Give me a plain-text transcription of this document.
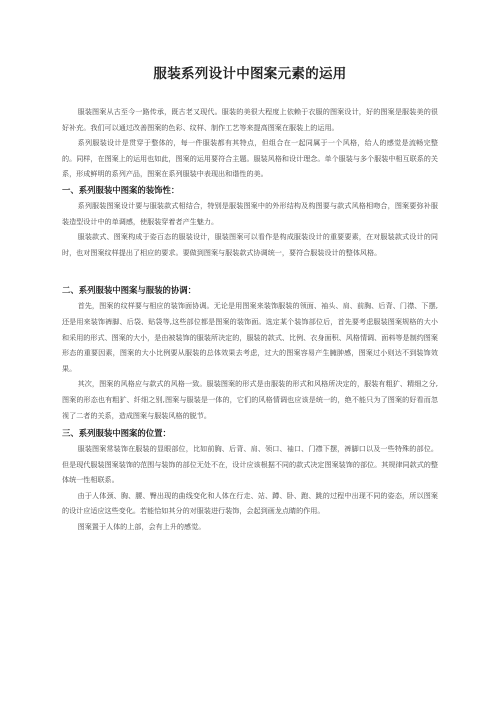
服装系列设计中图案元素的运用

服装图案从古至今一路传承，既古老又现代。服装的美很大程度上依赖于衣服的图案设计，好的图案是服装美的很好补充。我们可以通过改善图案的色彩、纹样、制作工艺等来提高图案在服装上的运用。

系列服装设计是贯穿于整体的，每一件服装都有其特点，但组合在一起同属于一个风格，给人的感觉是流畅完整的。同样，在图案上的运用也如此，图案的运用要符合主题。服装风格和设计理念。单个服装与多个服装中相互联系的关系，形成鲜明的系列产品，图案在系列服装中表现出和谐性的美。

一、系列服装中图案的装饰性：

系列服装图案设计要与服装款式相结合，特别是服装图案中的外形结构及构图要与款式风格相吻合，图案要弥补服装造型设计中的单调感，使服装穿着者产生魅力。

服装款式、图案构成于姿百态的服装设计，服装图案可以看作是构成服装设计的重要要素，在对服装款式设计的同时，也对图案纹样提出了相应的要求。要做到图案与服装款式协调统一，要符合服装设计的整体风格。

二、系列服装中图案与服装的协调：

首先，图案的纹样要与相应的装饰面协调。无论是用图案来装饰服装的领面、袖头、肩、前胸、后背、门襟、下摆,还是用来装饰裤脚、后袋、贴袋等,这些部位都是图案的装饰面。选定某个装饰部位后，首先要考虑服装图案规格的大小和采用的形式、图案的大小，是由被装饰的服装所决定的，服装的款式、比例、衣身面积、风格情调、面料等是制约图案形态的重要因素，图案的大小比例要从服装的总体效果去考虑，过大的图案容易产生臃肿感，图案过小则达不到装饰效果。

其次，图案的风格应与款式的风格一致。服装图案的形式是由服装的形式和风格所决定的，服装有粗犷、精细之分,图案的形态也有粗犷、纤细之别,图案与服装是一体的，它们的风格情调也应该是统一的，绝不能只为了图案的好看而忽视了二者的关系，造成图案与服装风格的脱节。

三、系列服装中图案的位置：

服装图案常装饰在服装的显眼部位，比如前胸、后背、肩、领口、袖口、门襟下摆，裤脚口以及一些特殊的部位。但是现代服装图案装饰的范围与装饰的部位无处不在，设计应该根据不同的款式决定图案装饰的部位。其规律同款式的整体统一性相联系。

由于人体颈、胸、腰、臀出现的曲线变化和人体在行走、站、蹲、卧、跑、跳的过程中出现不同的姿态，所以图案的设计应适应这些变化。若能恰如其分的对服装进行装饰，会起到画龙点睛的作用。

图案置于人体的上部，会有上升的感觉。
